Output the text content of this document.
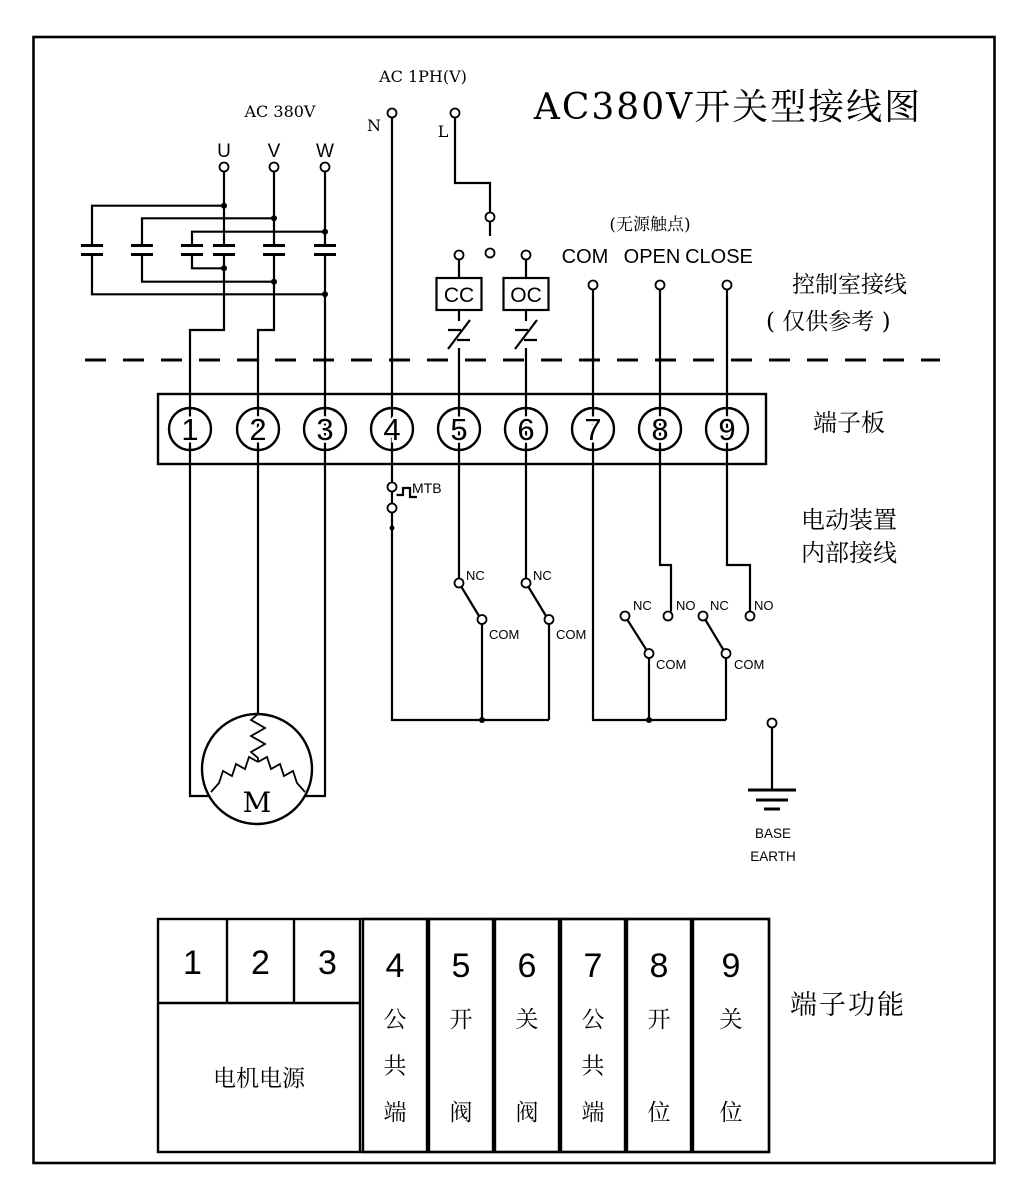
1 2 3 4 5 6 7 8 9
CC OC
AC380V开关型接线图
AC 380V
U V W
AC 1PH(V)
N	L
(无源触点)
COM OPEN CLOSE
控制室接线
( 仅供参考 )
端子板
电动装置
内部接线
MTB
NC
COM
NC
COM
NC NO NC NO
COM	COM
BASE
EARTH
M
1 2 3 4 5 6 7 8 9
电机电源
公共端
开阀
关阀
公共端
开位
关位
端子功能
